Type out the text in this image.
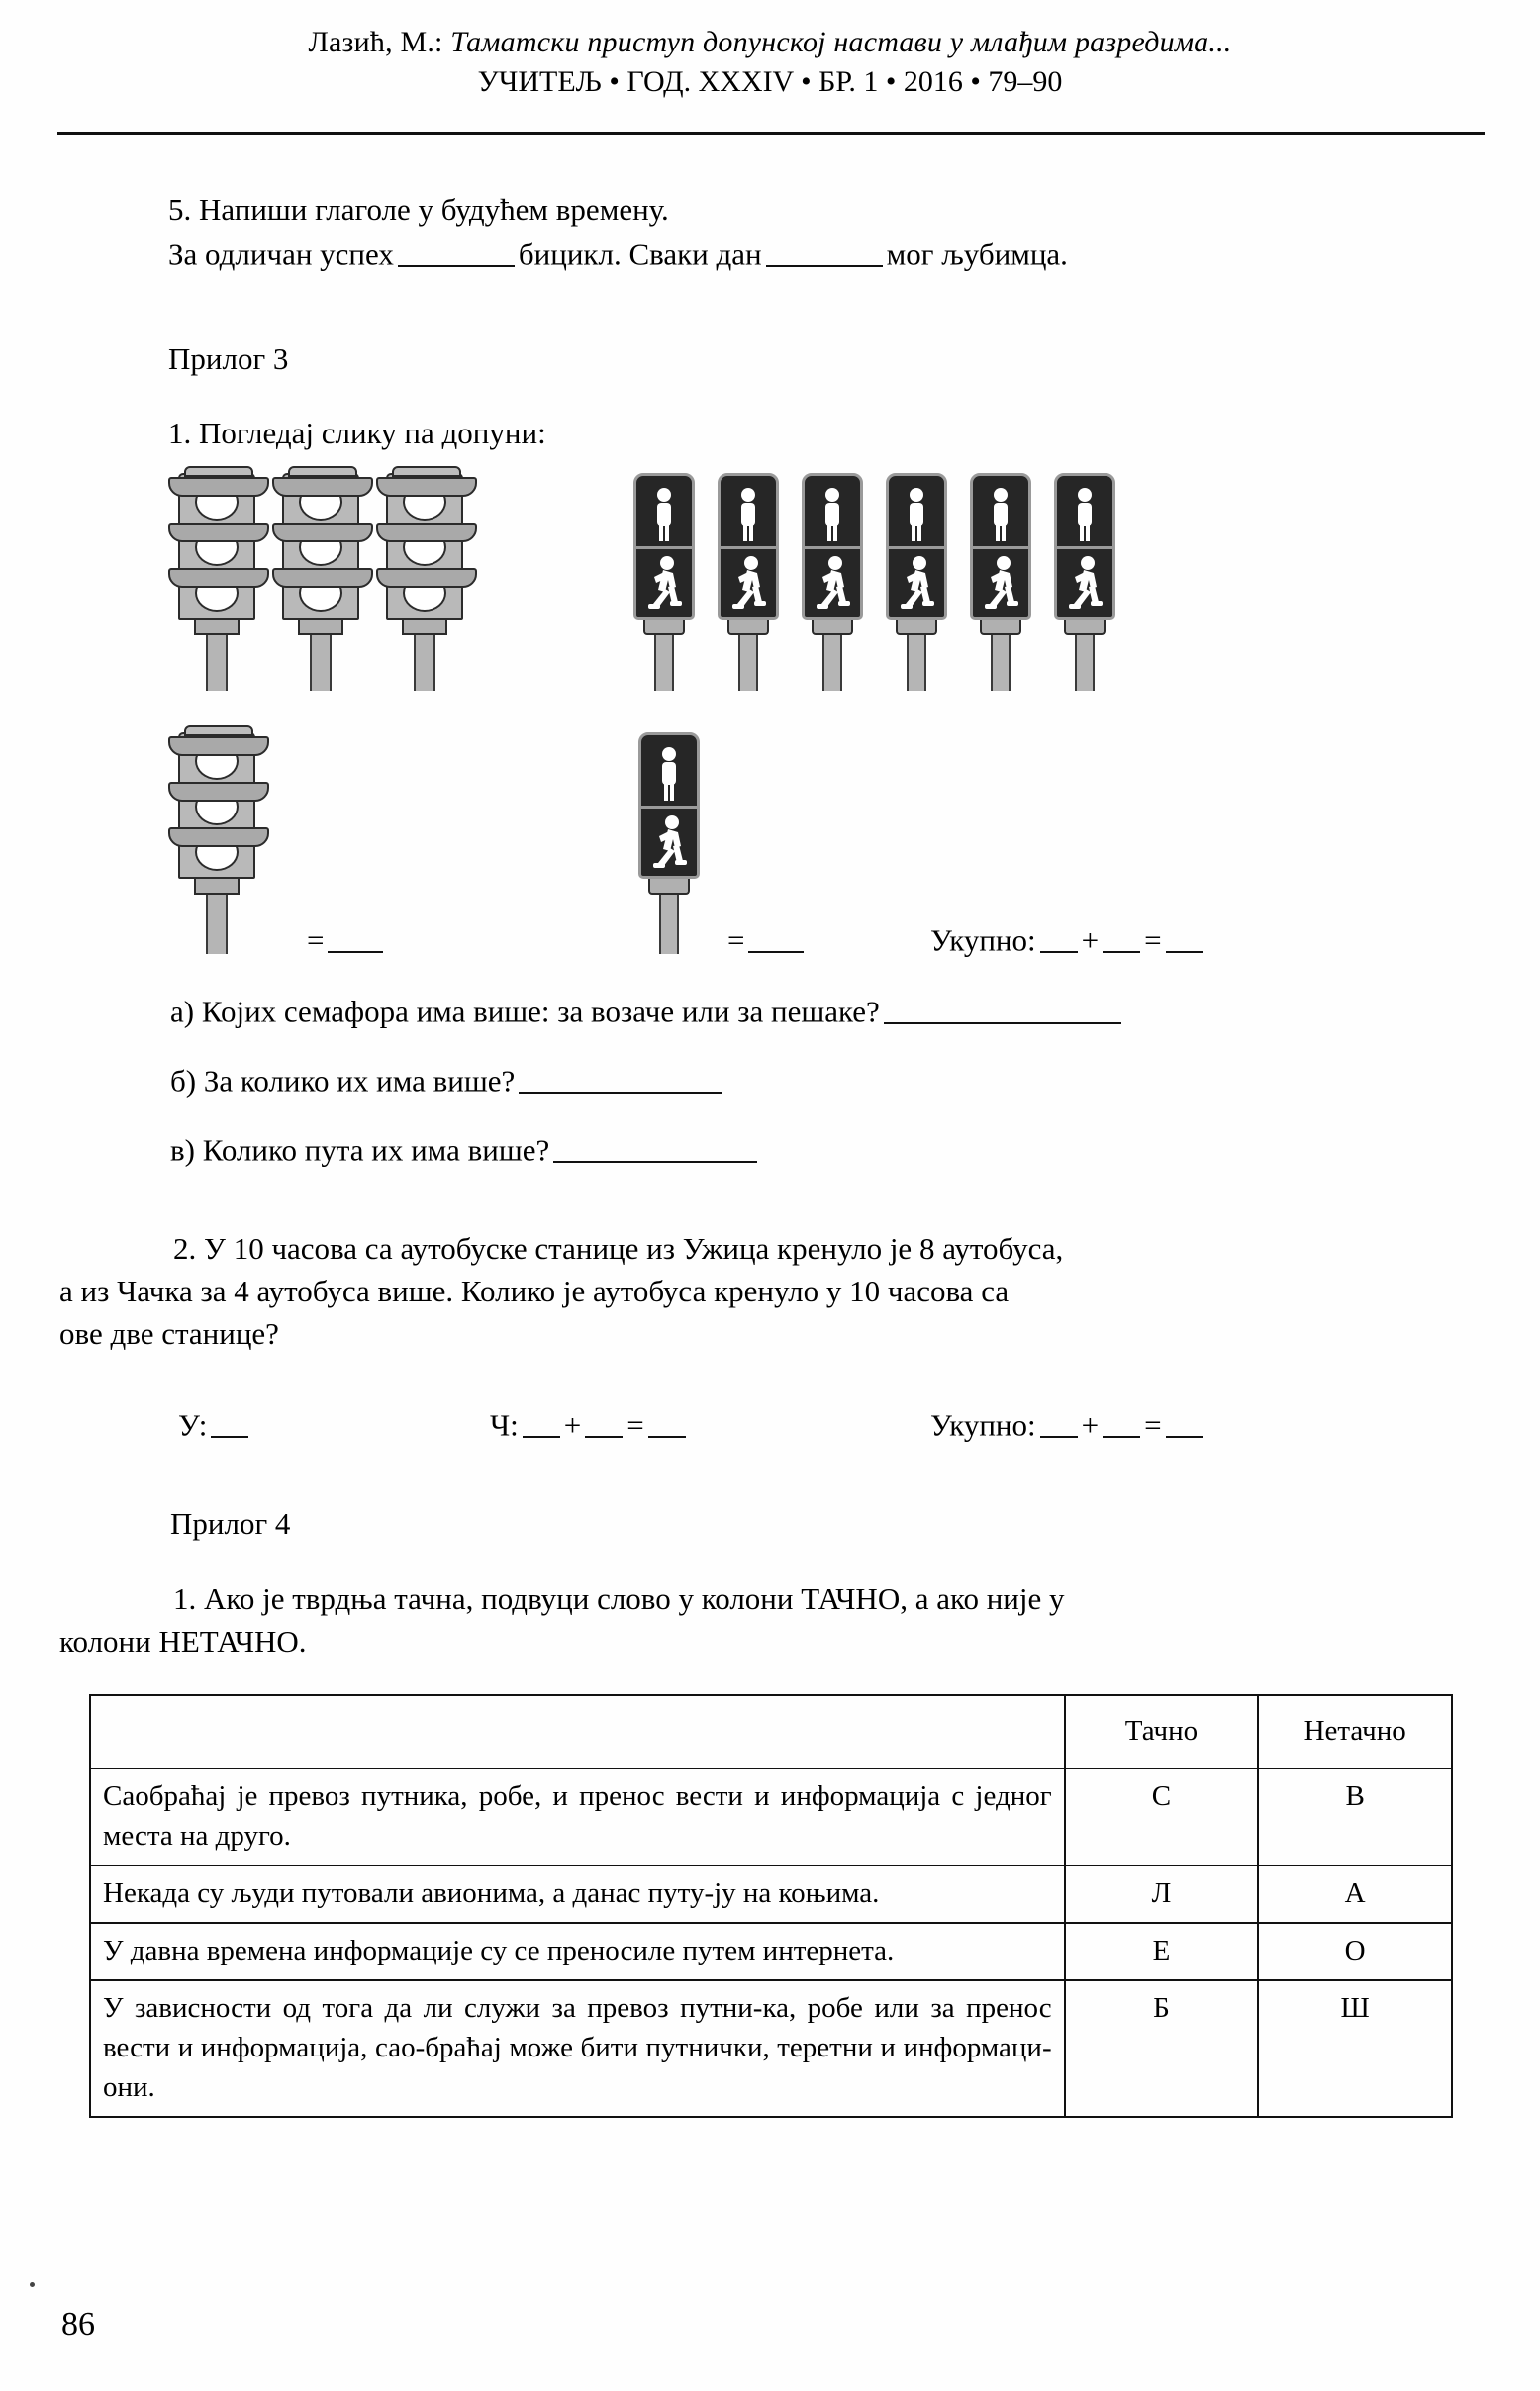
Лазић, М.: Таматски приступ допунској настави у млађим разредима...
УЧИТЕЉ • ГОД. XXXIV • БР. 1 • 2016 • 79–90
5. Напиши глаголе у будућем времену.
За одличан успех	бицикл. Сваки дан	мог љубимца.
Прилог 3
1. Погледај слику па допуни:
=	=	Укупно: + =
а) Којих семафора има више: за возаче или за пешаке?
б) За колико их има више?
в) Колико пута их има више?
2. У 10 часова са аутобуске станице из Ужица кренуло је 8 аутобуса,
а из Чачка за 4 аутобуса више. Колико је аутобуса кренуло у 10 часова са
ове две станице?
У:	Ч: + =	Укупно: + =
Прилог 4
1. Ако је тврдња тачна, подвуци слово у колони ТАЧНО, а ако није у
колони НЕТАЧНО.
	Тачно	Нетачно
Саобраћај је превоз путника, робе, и пренос вести и информација с једног места на друго.	С	В
Некада су људи путовали авионима, а данас путу-ју на коњима.	Л	А
У давна времена информације су се преносиле путем интернета.	Е	О
У зависности од тога да ли служи за превоз путни-ка, робе или за пренос вести и информација, сао-браћај може бити путнички, теретни и информаци-они.	Б	Ш
86
